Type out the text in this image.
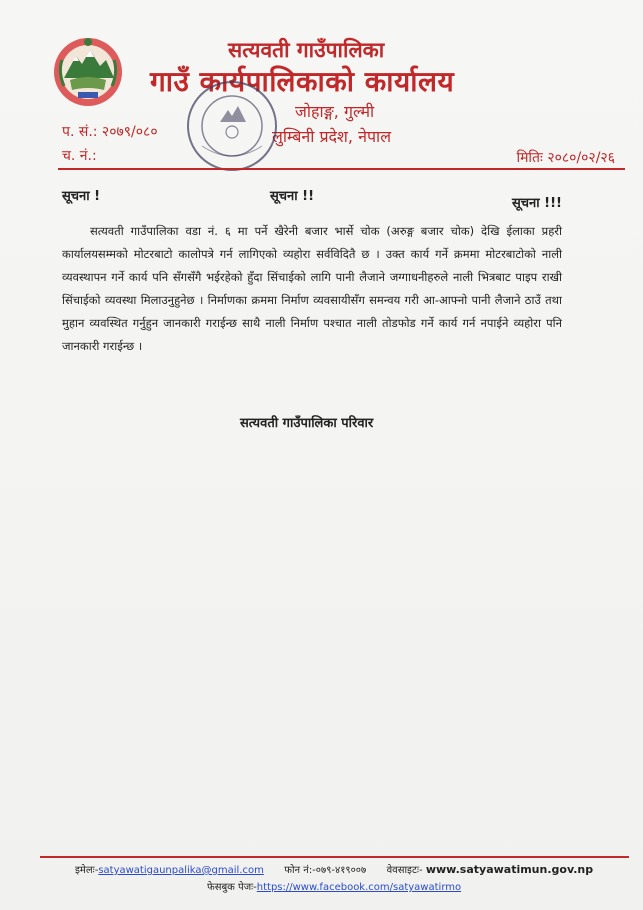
सत्यवती गाउँपालिका
गाउँ कार्यपालिकाको कार्यालय
जोहाङ्ग, गुल्मी
लुम्बिनी प्रदेश, नेपाल
प. सं.: २०७९/०८०
च. नं.:	मितिः २०८०/०२/२६
सूचना !	सूचना !!	सूचना !!!
सत्यवती गाउँपालिका वडा नं. ६ मा पर्ने खैरेनी बजार भार्से चोक (अरुङ्ग बजार चोक) देखि ईलाका प्रहरी कार्यालयसम्मको मोटरबाटो कालोपत्रे गर्न लागिएको व्यहोरा सर्वविदितै छ । उक्त कार्य गर्ने क्रममा मोटरबाटोको नाली व्यवस्थापन गर्ने कार्य पनि सँगसँगै भईरहेको हुँदा सिंचाईको लागि पानी लैजाने जग्गाधनीहरुले नाली भित्रबाट पाइप राखी सिंचाईको व्यवस्था मिलाउनुहुनेछ । निर्माणका क्रममा निर्माण व्यवसायीसँग समन्वय गरी आ-आफ्नो पानी लैजाने ठाउँ तथा मुहान व्यवस्थित गर्नुहुन जानकारी गराईन्छ साथै नाली निर्माण पश्चात नाली तोडफोड गर्ने कार्य गर्न नपाईने व्यहोरा पनि जानकारी गराईन्छ ।
सत्यवती गाउँपालिका परिवार
इमेलः-satyawatigaunpalika@gmail.com फोन नं:-०७९-४१९००७ वेवसाइटः- www.satyawatimun.gov.np
फेसबुक पेजः-https://www.facebook.com/satyawatirmo
